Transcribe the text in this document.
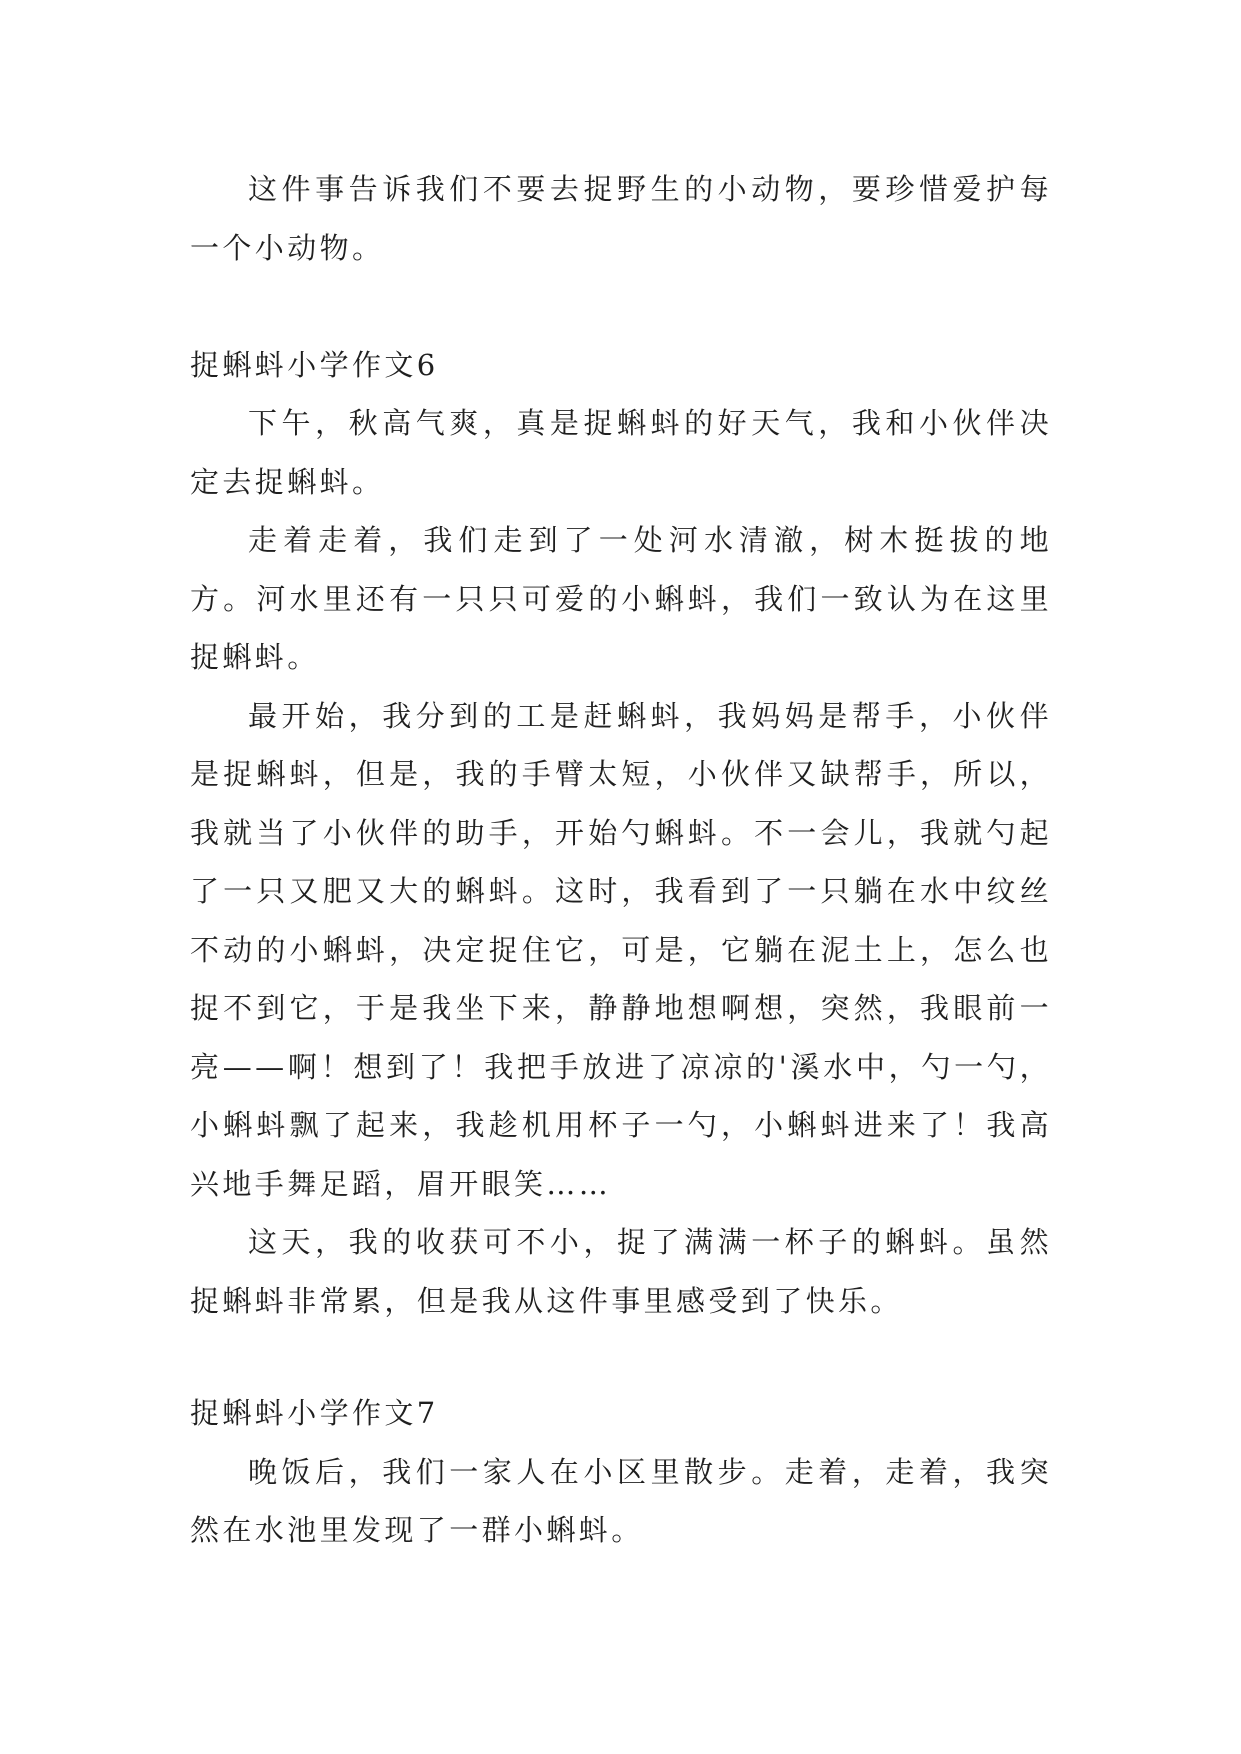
这件事告诉我们不要去捉野生的小动物，要珍惜爱护每一个小动物。

捉蝌蚪小学作文6

下午，秋高气爽，真是捉蝌蚪的好天气，我和小伙伴决定去捉蝌蚪。

走着走着，我们走到了一处河水清澈，树木挺拔的地方。河水里还有一只只可爱的小蝌蚪，我们一致认为在这里捉蝌蚪。

最开始，我分到的工是赶蝌蚪，我妈妈是帮手，小伙伴是捉蝌蚪，但是，我的手臂太短，小伙伴又缺帮手，所以，我就当了小伙伴的助手，开始勺蝌蚪。不一会儿，我就勺起了一只又肥又大的蝌蚪。这时，我看到了一只躺在水中纹丝不动的小蝌蚪，决定捉住它，可是，它躺在泥土上，怎么也捉不到它，于是我坐下来，静静地想啊想，突然，我眼前一亮——啊！想到了！我把手放进了凉凉的'溪水中，勺一勺，小蝌蚪飘了起来，我趁机用杯子一勺，小蝌蚪进来了！我高兴地手舞足蹈，眉开眼笑……

这天，我的收获可不小，捉了满满一杯子的蝌蚪。虽然捉蝌蚪非常累，但是我从这件事里感受到了快乐。

捉蝌蚪小学作文7

晚饭后，我们一家人在小区里散步。走着，走着，我突然在水池里发现了一群小蝌蚪。
